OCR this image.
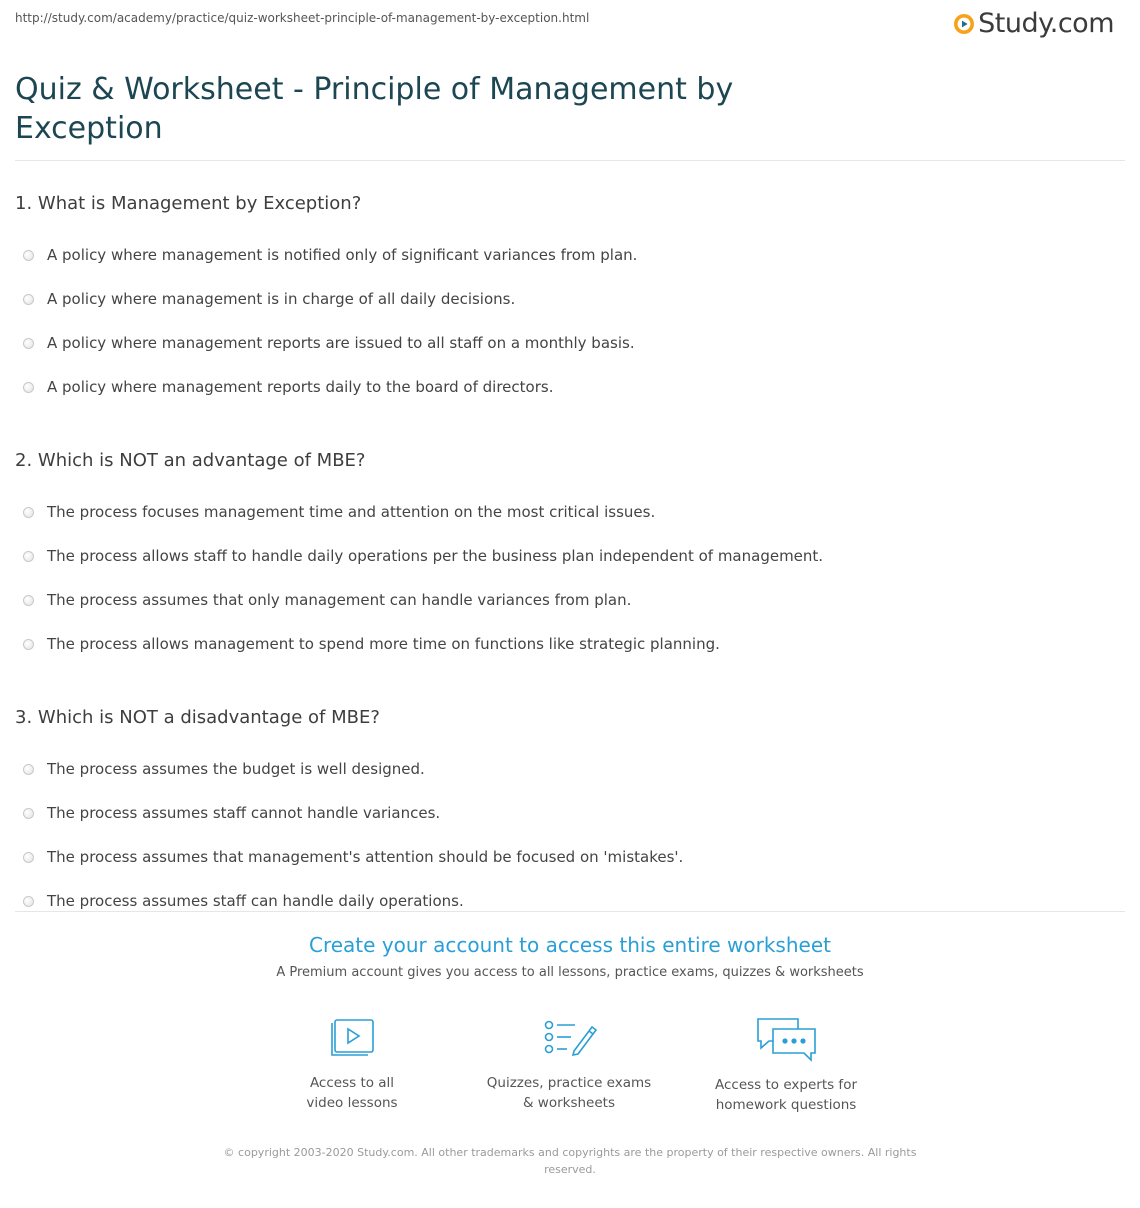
http://study.com/academy/practice/quiz-worksheet-principle-of-management-by-exception.html	Study.com
Quiz & Worksheet - Principle of Management by
Exception
1. What is Management by Exception?
A policy where management is notified only of significant variances from plan.
A policy where management is in charge of all daily decisions.
A policy where management reports are issued to all staff on a monthly basis.
A policy where management reports daily to the board of directors.
2. Which is NOT an advantage of MBE?
The process focuses management time and attention on the most critical issues.
The process allows staff to handle daily operations per the business plan independent of management.
The process assumes that only management can handle variances from plan.
The process allows management to spend more time on functions like strategic planning.
3. Which is NOT a disadvantage of MBE?
The process assumes the budget is well designed.
The process assumes staff cannot handle variances.
The process assumes that management's attention should be focused on 'mistakes'.
The process assumes staff can handle daily operations.
Create your account to access this entire worksheet
A Premium account gives you access to all lessons, practice exams, quizzes & worksheets
Access to all
video lessons
Quizzes, practice exams
& worksheets
Access to experts for
homework questions
© copyright 2003-2020 Study.com. All other trademarks and copyrights are the property of their respective owners. All rights reserved.
